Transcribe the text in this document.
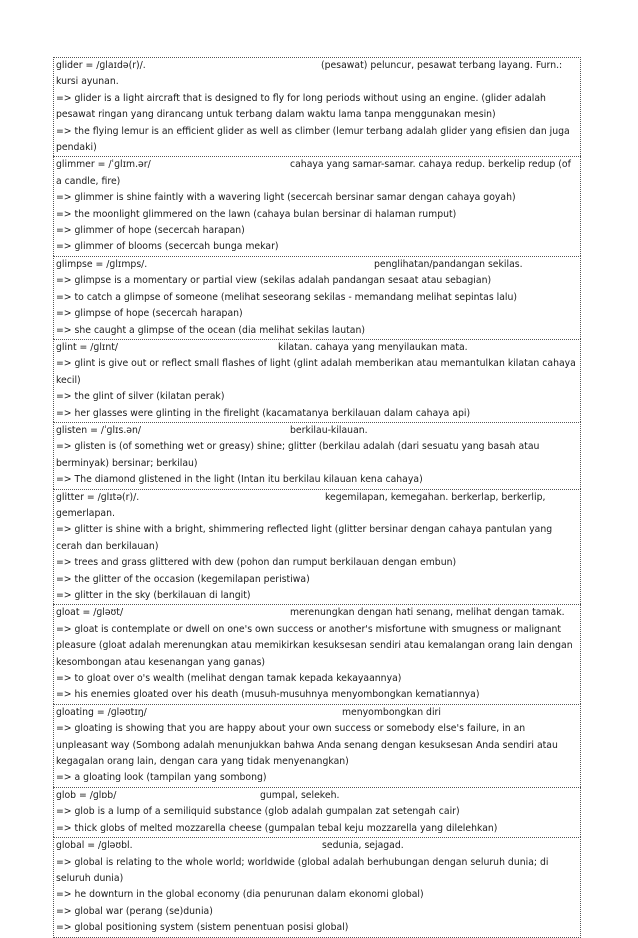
glider = /ɡlaɪdə(r)/.	(pesawat) peluncur, pesawat terbang layang. Furn.:
kursi ayunan.
=> glider is a light aircraft that is designed to fly for long periods without using an engine. (glider adalah pesawat ringan yang dirancang untuk terbang dalam waktu lama tanpa menggunakan mesin)
=> the flying lemur is an efficient glider as well as climber (lemur terbang adalah glider yang efisien dan juga pendaki)
glimmer = /ˈɡlɪm.ər/	cahaya yang samar-samar. cahaya redup. berkelip redup (of
a candle, fire)
=> glimmer is shine faintly with a wavering light (secercah bersinar samar dengan cahaya goyah)
=> the moonlight glimmered on the lawn (cahaya bulan bersinar di halaman rumput)
=> glimmer of hope (secercah harapan)
=> glimmer of blooms (secercah bunga mekar)
glimpse = /ɡlɪmps/.	penglihatan/pandangan sekilas.
=> glimpse is a momentary or partial view (sekilas adalah pandangan sesaat atau sebagian)
=> to catch a glimpse of someone (melihat seseorang sekilas - memandang melihat sepintas lalu)
=> glimpse of hope (secercah harapan)
=> she caught a glimpse of the ocean (dia melihat sekilas lautan)
glint = /ɡlɪnt/	kilatan. cahaya yang menyilaukan mata.
=> glint is give out or reflect small flashes of light (glint adalah memberikan atau memantulkan kilatan cahaya kecil)
=> the glint of silver (kilatan perak)
=> her glasses were glinting in the firelight (kacamatanya berkilauan dalam cahaya api)
glisten = /ˈɡlɪs.ən/	berkilau-kilauan.
=> glisten is (of something wet or greasy) shine; glitter (berkilau adalah (dari sesuatu yang basah atau berminyak) bersinar; berkilau)
=> The diamond glistened in the light (Intan itu berkilau kilauan kena cahaya)
glitter = /ɡlɪtə(r)/.	kegemilapan, kemegahan. berkerlap, berkerlip,
gemerlapan.
=> glitter is shine with a bright, shimmering reflected light (glitter bersinar dengan cahaya pantulan yang cerah dan berkilauan)
=> trees and grass glittered with dew (pohon dan rumput berkilauan dengan embun)
=> the glitter of the occasion (kegemilapan peristiwa)
=> glitter in the sky (berkilauan di langit)
gloat = /ɡləʊt/	merenungkan dengan hati senang, melihat dengan tamak.
=> gloat is contemplate or dwell on one's own success or another's misfortune with smugness or malignant pleasure (gloat adalah merenungkan atau memikirkan kesuksesan sendiri atau kemalangan orang lain dengan kesombongan atau kesenangan yang ganas)
=> to gloat over o's wealth (melihat dengan tamak kepada kekayaannya)
=> his enemies gloated over his death (musuh-musuhnya menyombongkan kematiannya)
gloating = /ɡləʊtɪŋ/	menyombongkan diri
=> gloating is showing that you are happy about your own success or somebody else's failure, in an unpleasant way (Sombong adalah menunjukkan bahwa Anda senang dengan kesuksesan Anda sendiri atau kegagalan orang lain, dengan cara yang tidak menyenangkan)
=> a gloating look (tampilan yang sombong)
glob = /ɡlɒb/	gumpal, selekeh.
=> glob is a lump of a semiliquid substance (glob adalah gumpalan zat setengah cair)
=> thick globs of melted mozzarella cheese (gumpalan tebal keju mozzarella yang dilelehkan)
global = /ɡləʊbl.	sedunia, sejagad.
=> global is relating to the whole world; worldwide (global adalah berhubungan dengan seluruh dunia; di seluruh dunia)
=> he downturn in the global economy (dia penurunan dalam ekonomi global)
=> global war (perang (se)dunia)
=> global positioning system (sistem penentuan posisi global)
